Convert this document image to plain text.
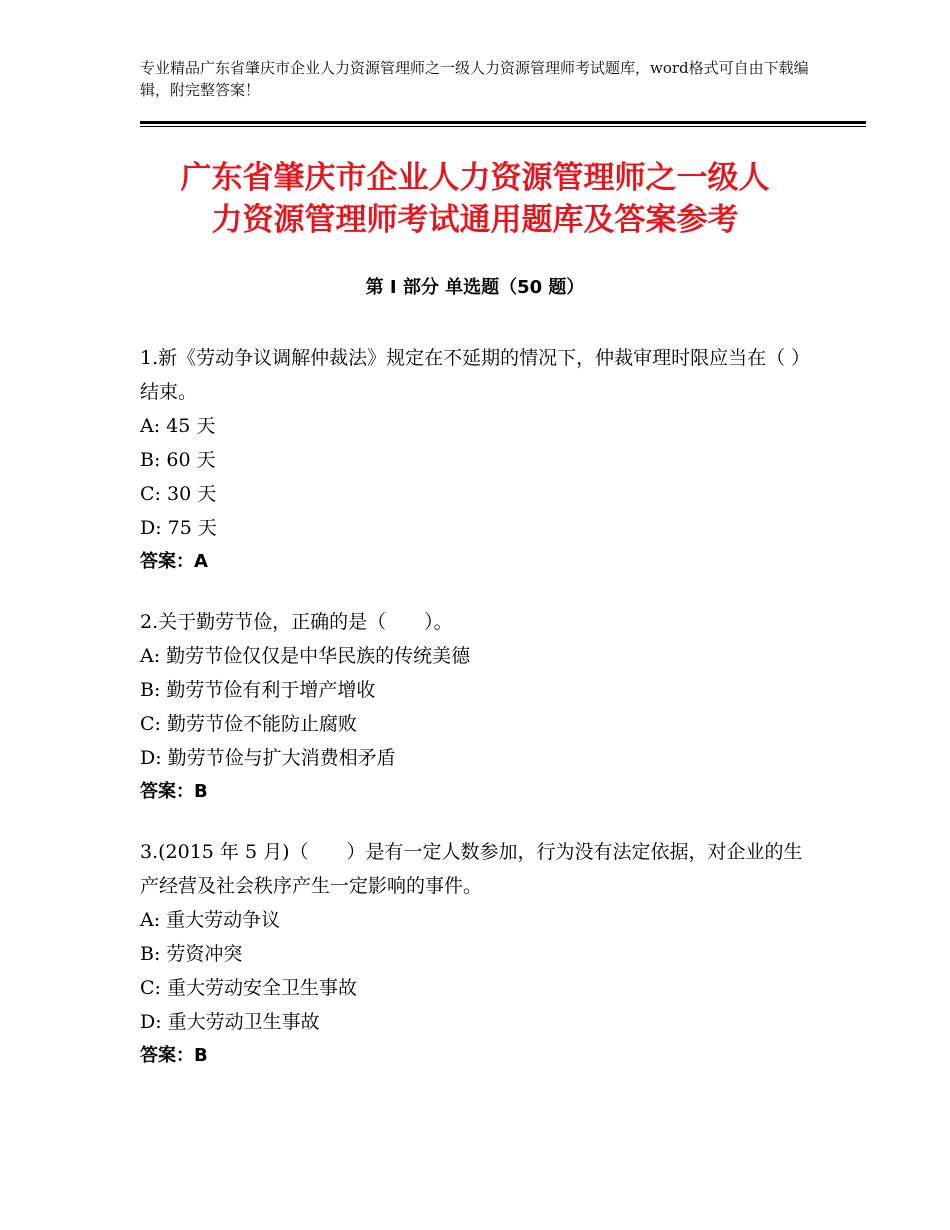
专业精品广东省肇庆市企业人力资源管理师之一级人力资源管理师考试题库，word格式可自由下载编辑，附完整答案！
广东省肇庆市企业人力资源管理师之一级人
力资源管理师考试通用题库及答案参考
第 I 部分 单选题（50 题）

1.新《劳动争议调解仲裁法》规定在不延期的情况下，仲裁审理时限应当在（ ）结束。

A: 45 天

B: 60 天

C: 30 天

D: 75 天

答案：A

2.关于勤劳节俭，正确的是（　　）。

A: 勤劳节俭仅仅是中华民族的传统美德

B: 勤劳节俭有利于增产增收

C: 勤劳节俭不能防止腐败

D: 勤劳节俭与扩大消费相矛盾

答案：B

3.(2015 年 5 月)（　　）是有一定人数参加，行为没有法定依据，对企业的生产经营及社会秩序产生一定影响的事件。

A: 重大劳动争议

B: 劳资冲突

C: 重大劳动安全卫生事故

D: 重大劳动卫生事故

答案：B
